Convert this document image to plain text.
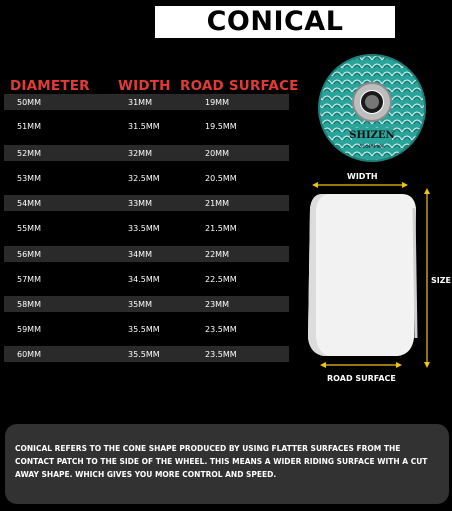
CONICAL SHAPE
DIAMETER WIDTH ROAD SURFACE
50MM	31MM	19MM
51MM	31.5MM	19.5MM
52MM	32MM	20MM
53MM	32.5MM	20.5MM
54MM	33MM	21MM
55MM	33.5MM	21.5MM
56MM	34MM	22MM
57MM	34.5MM	22.5MM
58MM	35MM	23MM
59MM	35.5MM	23.5MM
60MM	35.5MM	23.5MM
SHIZEN
52.5MM 99A
WIDTH
SIZE
ROAD SURFACE

CONICAL REFERS TO THE CONE SHAPE PRODUCED BY USING FLATTER SURFACES FROM THE CONTACT PATCH TO THE SIDE OF THE WHEEL. THIS MEANS A WIDER RIDING SURFACE WITH A CUT AWAY SHAPE. WHICH GIVES YOU MORE CONTROL AND SPEED.
